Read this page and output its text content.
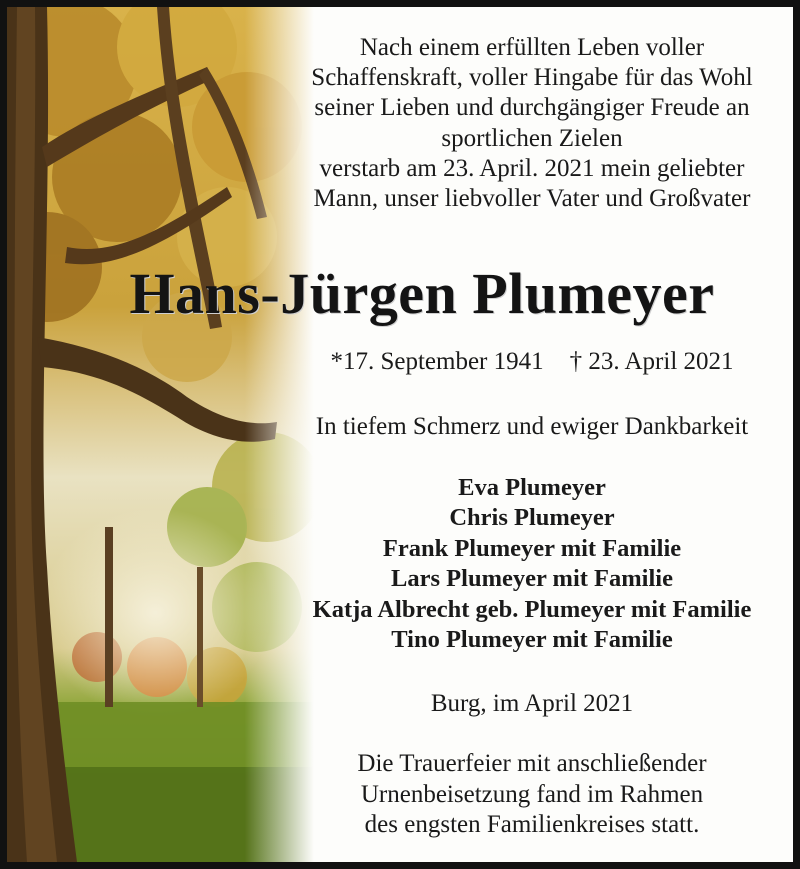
Nach einem erfüllten Leben voller
Schaffenskraft, voller Hingabe für das Wohl
seiner Lieben und durchgängiger Freude an
sportlichen Zielen
verstarb am 23. April. 2021 mein geliebter
Mann, unser liebvoller Vater und Großvater
*17. September 1941 † 23. April 2021
In tiefem Schmerz und ewiger Dankbarkeit
Eva Plumeyer
Chris Plumeyer
Frank Plumeyer mit Familie
Lars Plumeyer mit Familie
Katja Albrecht geb. Plumeyer mit Familie
Tino Plumeyer mit Familie
Burg, im April 2021
Die Trauerfeier mit anschließender
Urnenbeisetzung fand im Rahmen
des engsten Familienkreises statt.
Hans-Jürgen Plumeyer
